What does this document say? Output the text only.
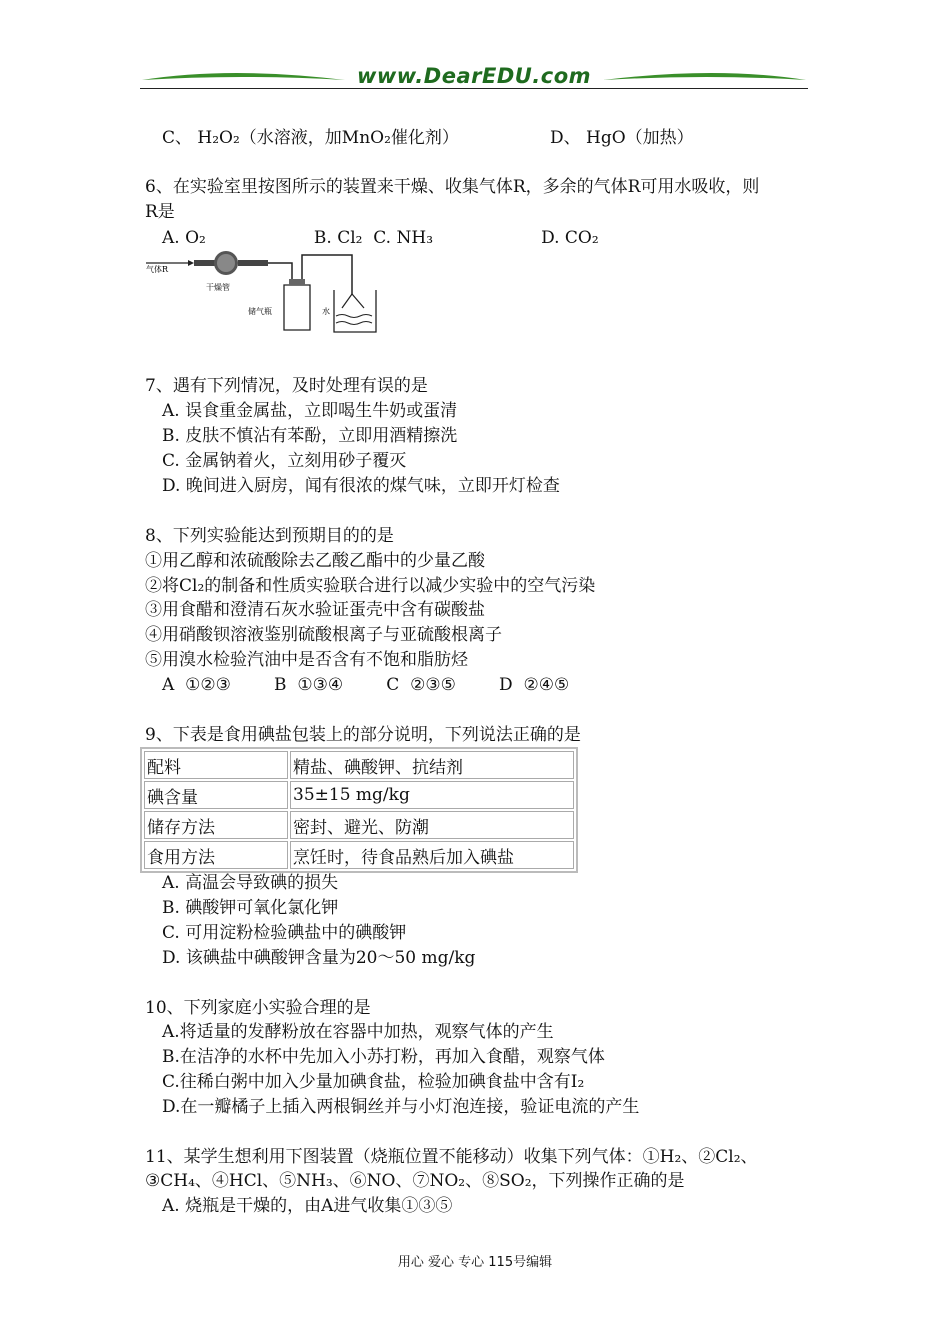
www.DearEDU.com
C、 H₂O₂（水溶液，加MnO₂催化剂）	D、 HgO（加热）
6、在实验室里按图所示的装置来干燥、收集气体R，多余的气体R可用水吸收，则
R是
A. O₂                    B. Cl₂  C. NH₃                    D. CO₂
气体R
干燥管
储气瓶	水
7、遇有下列情况，及时处理有误的是
A. 误食重金属盐，立即喝生牛奶或蛋清
B. 皮肤不慎沾有苯酚，立即用酒精擦洗
C. 金属钠着火，立刻用砂子覆灭
D. 晚间进入厨房，闻有很浓的煤气味，立即开灯检查
8、下列实验能达到预期目的的是
①用乙醇和浓硫酸除去乙酸乙酯中的少量乙酸
②将Cl₂的制备和性质实验联合进行以减少实验中的空气污染
③用食醋和澄清石灰水验证蛋壳中含有碳酸盐
④用硝酸钡溶液鉴别硫酸根离子与亚硫酸根离子
⑤用溴水检验汽油中是否含有不饱和脂肪烃
A  ①②③        B  ①③④        C  ②③⑤        D  ②④⑤
9、下表是食用碘盐包装上的部分说明，下列说法正确的是
配料	精盐、碘酸钾、抗结剂
碘含量	35±15 mg/kg
储存方法	密封、避光、防潮
食用方法	烹饪时，待食品熟后加入碘盐
A. 高温会导致碘的损失
B. 碘酸钾可氧化氯化钾
C. 可用淀粉检验碘盐中的碘酸钾
D. 该碘盐中碘酸钾含量为20～50 mg/kg
10、下列家庭小实验合理的是
A.将适量的发酵粉放在容器中加热，观察气体的产生
B.在洁净的水杯中先加入小苏打粉，再加入食醋，观察气体
C.往稀白粥中加入少量加碘食盐，检验加碘食盐中含有I₂
D.在一瓣橘子上插入两根铜丝并与小灯泡连接，验证电流的产生
11、某学生想利用下图装置（烧瓶位置不能移动）收集下列气体：①H₂、②Cl₂、
③CH₄、④HCl、⑤NH₃、⑥NO、⑦NO₂、⑧SO₂，下列操作正确的是
A. 烧瓶是干燥的，由A进气收集①③⑤
用心 爱心 专心 115号编辑
